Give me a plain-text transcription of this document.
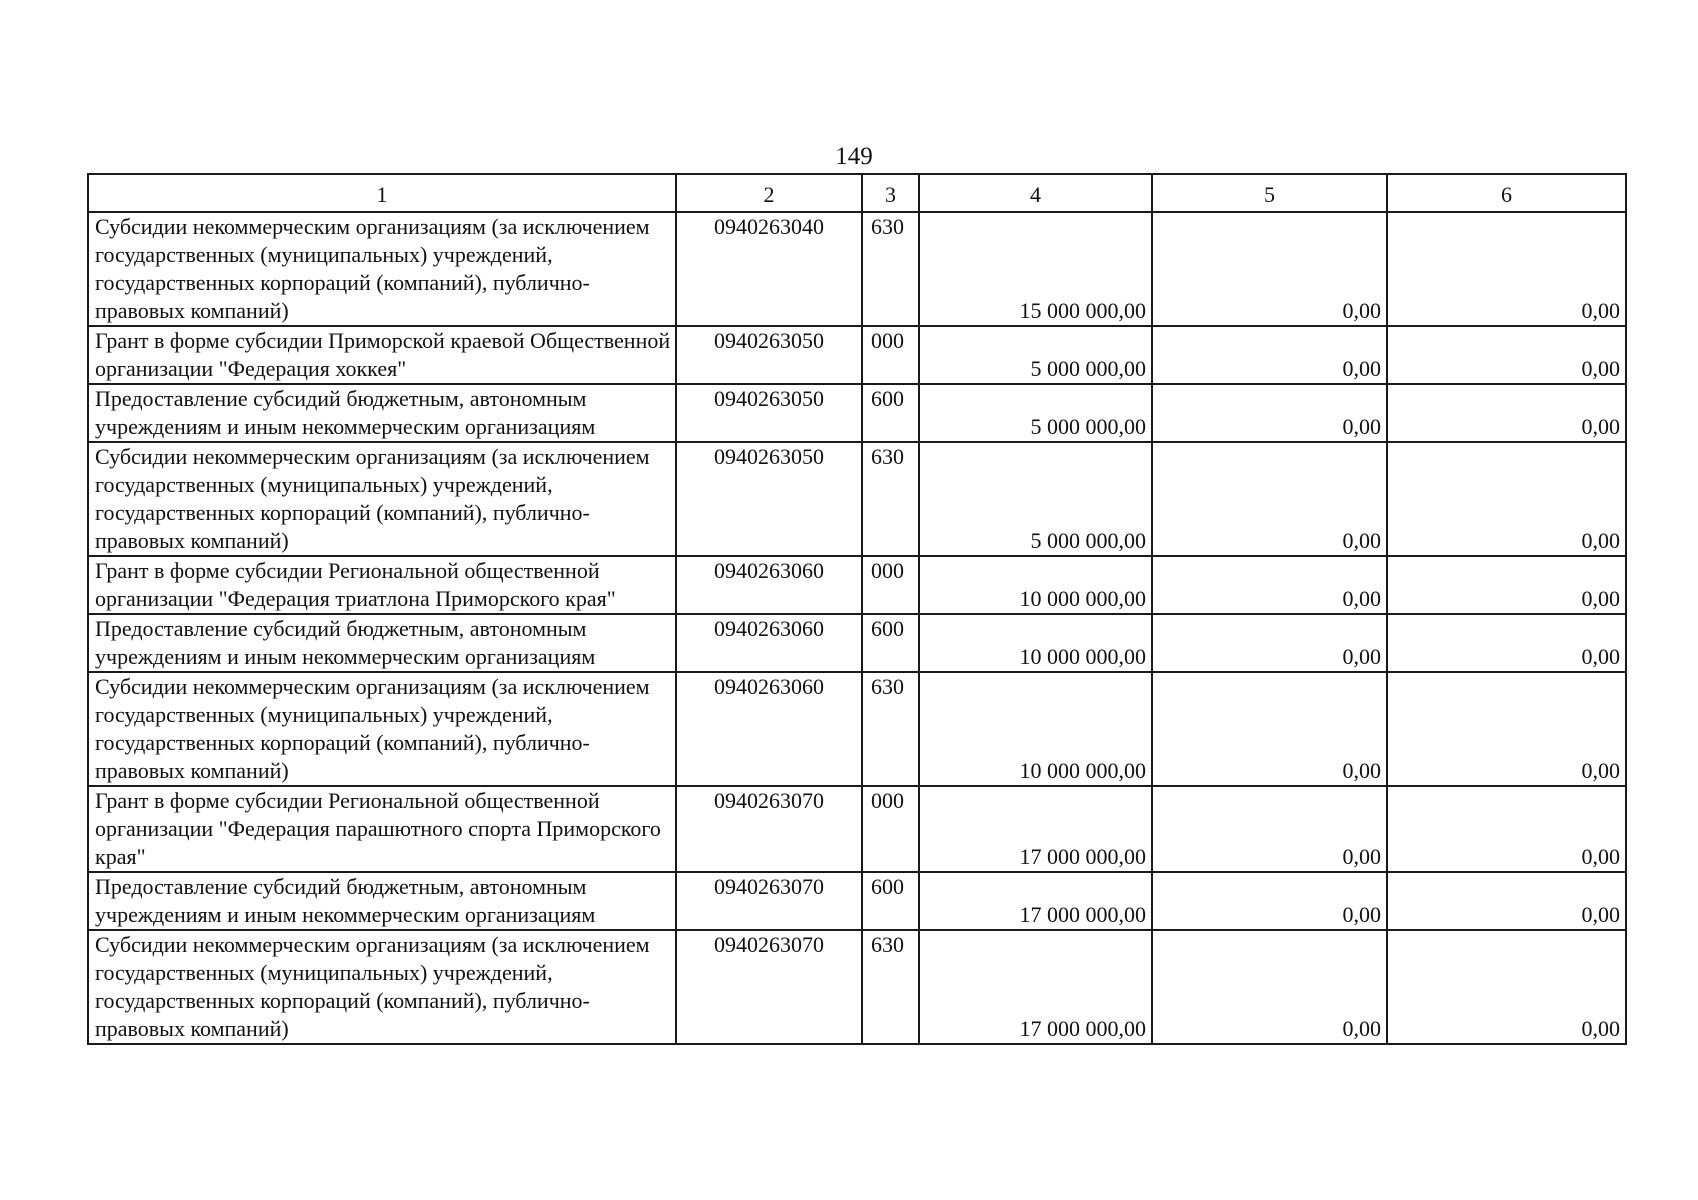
149
1	2	3	4	5	6
Субсидии некоммерческим организациям (за исключением государственных (муниципальных) учреждений, государственных корпораций (компаний), публично-правовых компаний)	0940263040	630	15 000 000,00	0,00	0,00
Грант в форме субсидии Приморской краевой Общественной организации "Федерация хоккея"	0940263050	000	5 000 000,00	0,00	0,00
Предоставление субсидий бюджетным, автономным учреждениям и иным некоммерческим организациям	0940263050	600	5 000 000,00	0,00	0,00
Субсидии некоммерческим организациям (за исключением государственных (муниципальных) учреждений, государственных корпораций (компаний), публично-правовых компаний)	0940263050	630	5 000 000,00	0,00	0,00
Грант в форме субсидии Региональной общественной организации "Федерация триатлона Приморского края"	0940263060	000	10 000 000,00	0,00	0,00
Предоставление субсидий бюджетным, автономным учреждениям и иным некоммерческим организациям	0940263060	600	10 000 000,00	0,00	0,00
Субсидии некоммерческим организациям (за исключением государственных (муниципальных) учреждений, государственных корпораций (компаний), публично-правовых компаний)	0940263060	630	10 000 000,00	0,00	0,00
Грант в форме субсидии Региональной общественной организации "Федерация парашютного спорта Приморского края"	0940263070	000	17 000 000,00	0,00	0,00
Предоставление субсидий бюджетным, автономным учреждениям и иным некоммерческим организациям	0940263070	600	17 000 000,00	0,00	0,00
Субсидии некоммерческим организациям (за исключением государственных (муниципальных) учреждений, государственных корпораций (компаний), публично-правовых компаний)	0940263070	630	17 000 000,00	0,00	0,00
